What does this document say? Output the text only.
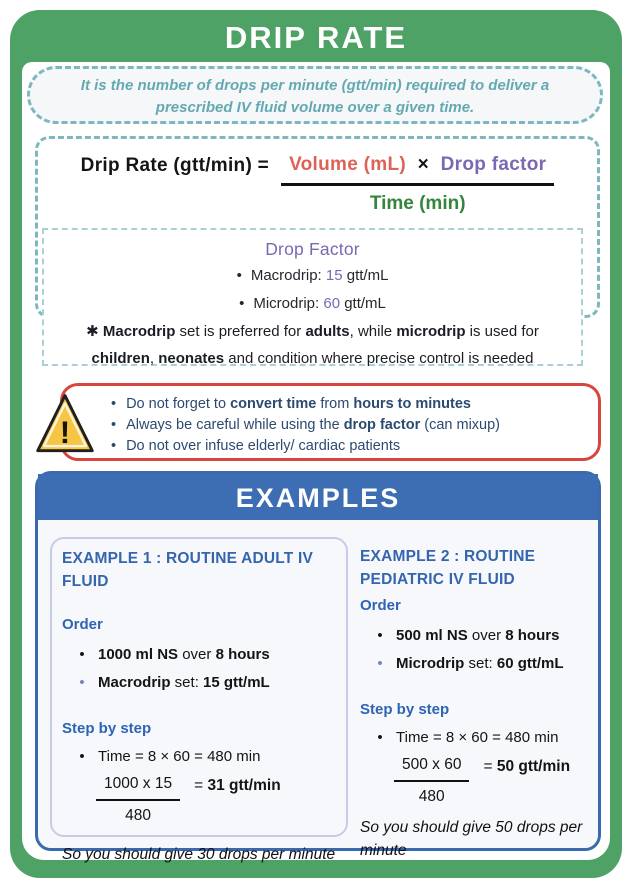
DRIP RATE
It is the number of drops per minute (gtt/min) required to deliver a prescribed IV fluid volume over a given time.
Drip Rate $(gtt/\min) = \frac{\text{Volume (mL) × Drop factor}}{\text{Time (min)}}$
Drop Factor
• Macrodrip: 15 gtt/mL
• Microdrip: 60 gtt/mL
✱ Macrodrip set is preferred for adults, while microdrip is used for children, neonates and condition where precise control is needed
• Do not forget to convert time from hours to minutes
• Always be careful while using the drop factor (can mixup)
• Do not over infuse elderly/ cardiac patients
!
EXAMPLES
EXAMPLE 1 : ROUTINE ADULT IV FLUID
Order
• 1000 ml NS over 8 hours
• Macrodrip set: 15 gtt/mL
Step by step
• Time = 8 × 60 = 480 min
$\frac{1000 x 15}{480} = 31$ gtt/min
So you should give 30 drops per minute
EXAMPLE 2 : ROUTINE PEDIATRIC IV FLUID
Order
• 500 ml NS over 8 hours
• Microdrip set: 60 gtt/mL
Step by step
• Time = 8 × 60 = 480 min
$\frac{500 x 60}{480} = 50$ gtt/min
So you should give 50 drops per minute
